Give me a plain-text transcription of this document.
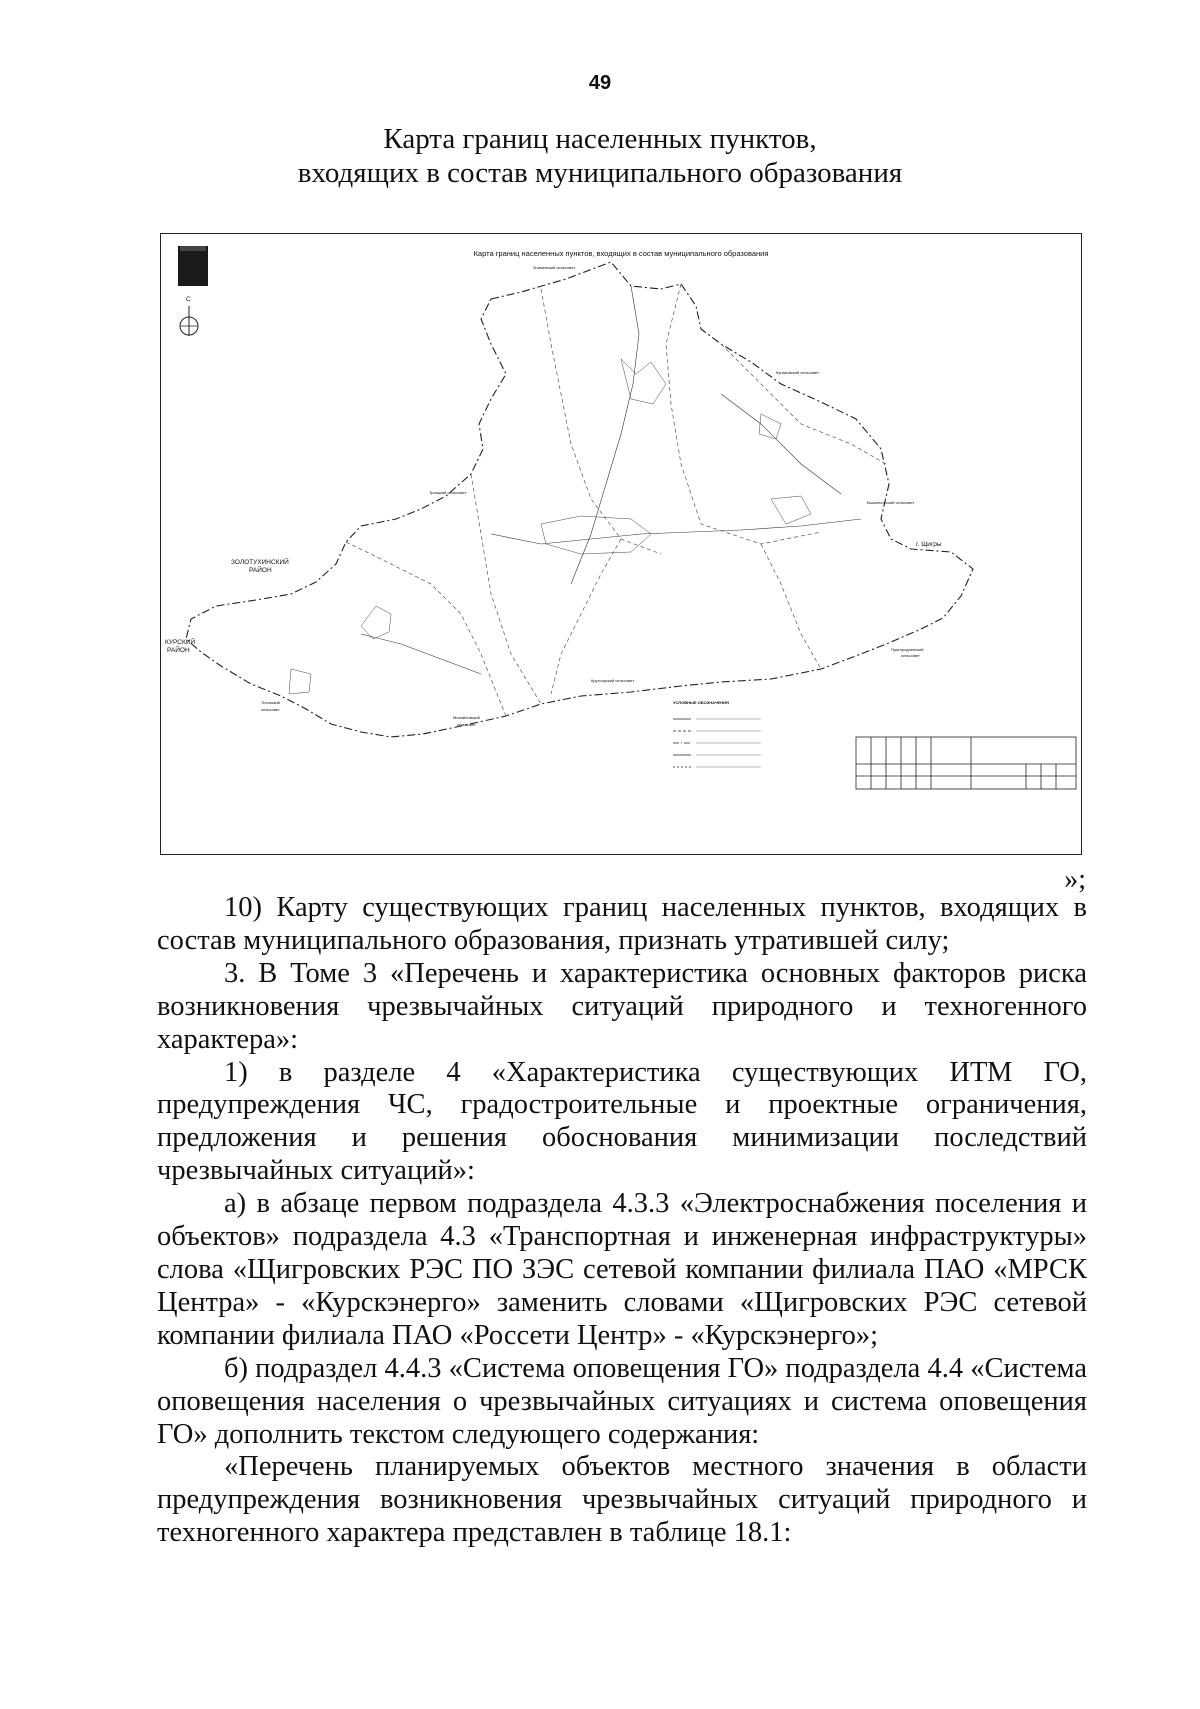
49
Карта границ населенных пунктов,
входящих в состав муниципального образования
С
Карта границ населенных пунктов, входящих в состав муниципального образования
Знаменский сельсовет
Кунаковский сельсовет
Троицкий сельсовет
Вышнесотский сельсовет
г. Щигры
Пригородненский
сельсовет
ЗОЛОТУХИНСКИЙ
РАЙОН
КУРСКИЙ
РАЙОН
Крутоярский сельсовет
Титовский
сельсовет
Михайловский
сельсовет
УСЛОВНЫЕ ОБОЗНАЧЕНИЯ
»;

10) Карту существующих границ населенных пунктов, входящих в состав муниципального образования, признать утратившей силу;

3. В Томе 3 «Перечень и характеристика основных факторов риска возникновения чрезвычайных ситуаций природного и техногенного характера»:

1) в разделе 4 «Характеристика существующих ИТМ ГО, предупреждения ЧС, градостроительные и проектные ограничения, предложения и решения обоснования минимизации последствий чрезвычайных ситуаций»:

а) в абзаце первом подраздела 4.3.3 «Электроснабжения поселения и объектов» подраздела 4.3 «Транспортная и инженерная инфраструктуры» слова «Щигровских РЭС ПО ЗЭС сетевой компании филиала ПАО «МРСК Центра» - «Курскэнерго» заменить словами «Щигровских РЭС сетевой компании филиала ПАО «Россети Центр» - «Курскэнерго»;

б) подраздел 4.4.3 «Система оповещения ГО» подраздела 4.4 «Система оповещения населения о чрезвычайных ситуациях и система оповещения ГО» дополнить текстом следующего содержания:

«Перечень планируемых объектов местного значения в области предупреждения возникновения чрезвычайных ситуаций природного и техногенного характера представлен в таблице 18.1:
